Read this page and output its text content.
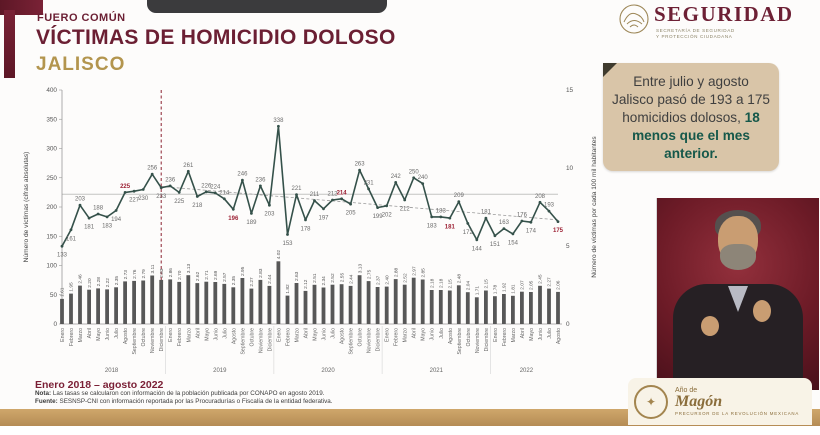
FUERO COMÚN
VÍCTIMAS DE HOMICIDIO DOLOSO
JALISCO
SEGURIDAD
SECRETARÍA DE SEGURIDAD
Y PROTECCIÓN CIUDADANA

Entre julio y agosto Jalisco pasó de 193 a 175 homicidios dolosos, 18 menos que el mes anterior.

0
50
100
150
200
250
300
350
400
0
5
10
15
Número de víctimas (cifras absolutas)	Número de víctimas por cada 100 mil habitantes
1.61
1.95
2.46 2.20 2.28 2.22 2.35
2.73 2.76 2.79
3.11 2.83 2.86 2.70
3.13
2.62 2.71 2.69 2.57 2.35
2.95
2.27
2.83
2.44
4.02
1.82
2.63
2.12
2.51 2.34 2.52 2.55 2.44
3.13
2.75
2.37 2.40
2.88
2.52
2.97 2.85
2.18 2.18 2.15
2.48
2.04
1.71
2.15
1.78 1.92 1.81 2.07 2.05
2.45 2.27 2.06
133
161
203
181
188
183
194
225
227 230
256
233
236
225
261
218
226
224
214
196
246
189
236
203
338
153
221
178
211
197
212 214
205
263
231
199 202
242
212
250
240
183
183
181
209
172
144
181
151
163
154
176
174
208
193
175
Enero Febrero Marzo Abril Mayo Junio Julio Agosto Septiembre Octubre Noviembre Diciembre
2018
Enero Febrero Marzo Abril Mayo Junio Julio Agosto Septiembre Octubre Noviembre Diciembre
2019
Enero Febrero Marzo Abril Mayo Junio Julio Agosto Septiembre Octubre Noviembre Diciembre
2020
Enero Febrero Marzo Abril Mayo Junio Julio Agosto Septiembre Octubre Noviembre Diciembre
2021
Enero Febrero Marzo Abril Mayo Junio Julio Agosto
2022
Enero 2018 – agosto 2022
Nota: Las tasas se calcularon con información de la población publicada por CONAPO en agosto 2019.
Fuente: SESNSP-CNI con información reportada por las Procuradurías o Fiscalía de la entidad federativa.	✦
Año de
Magón
PRECURSOR DE LA REVOLUCIÓN MEXICANA
